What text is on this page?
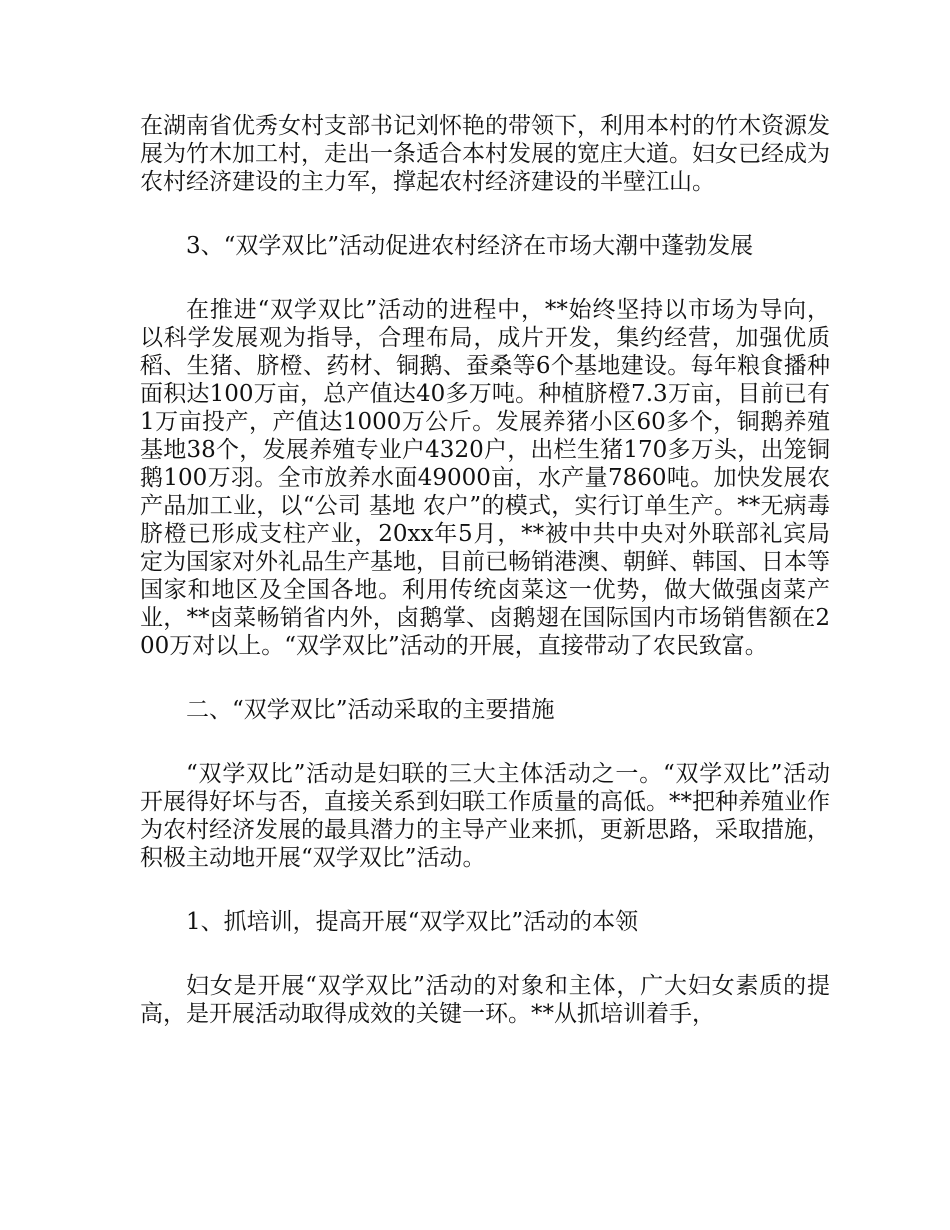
在湖南省优秀女村支部书记刘怀艳的带领下，利用本村的竹木资源发展为竹木加工村，走出一条适合本村发展的宽庄大道。妇女已经成为农村经济建设的主力军，撑起农村经济建设的半壁江山。

3、“双学双比”活动促进农村经济在市场大潮中蓬勃发展

在推进“双学双比”活动的进程中，**始终坚持以市场为导向，以科学发展观为指导，合理布局，成片开发，集约经营，加强优质稻、生猪、脐橙、药材、铜鹅、蚕桑等6个基地建设。每年粮食播种面积达100万亩，总产值达40多万吨。种植脐橙7.3万亩，目前已有1万亩投产，产值达1000万公斤。发展养猪小区60多个，铜鹅养殖基地38个，发展养殖专业户4320户，出栏生猪170多万头，出笼铜鹅100万羽。全市放养水面49000亩，水产量7860吨。加快发展农产品加工业，以“公司 基地 农户”的模式，实行订单生产。**无病毒脐橙已形成支柱产业，20xx年5月，**被中共中央对外联部礼宾局定为国家对外礼品生产基地，目前已畅销港澳、朝鲜、韩国、日本等国家和地区及全国各地。利用传统卤菜这一优势，做大做强卤菜产业，**卤菜畅销省内外，卤鹅掌、卤鹅翅在国际国内市场销售额在200万对以上。“双学双比”活动的开展，直接带动了农民致富。

二、“双学双比”活动采取的主要措施

“双学双比”活动是妇联的三大主体活动之一。“双学双比”活动开展得好坏与否，直接关系到妇联工作质量的高低。**把种养殖业作为农村经济发展的最具潜力的主导产业来抓，更新思路，采取措施，积极主动地开展“双学双比”活动。

1、抓培训，提高开展“双学双比”活动的本领

妇女是开展“双学双比”活动的对象和主体，广大妇女素质的提高，是开展活动取得成效的关键一环。**从抓培训着手，
